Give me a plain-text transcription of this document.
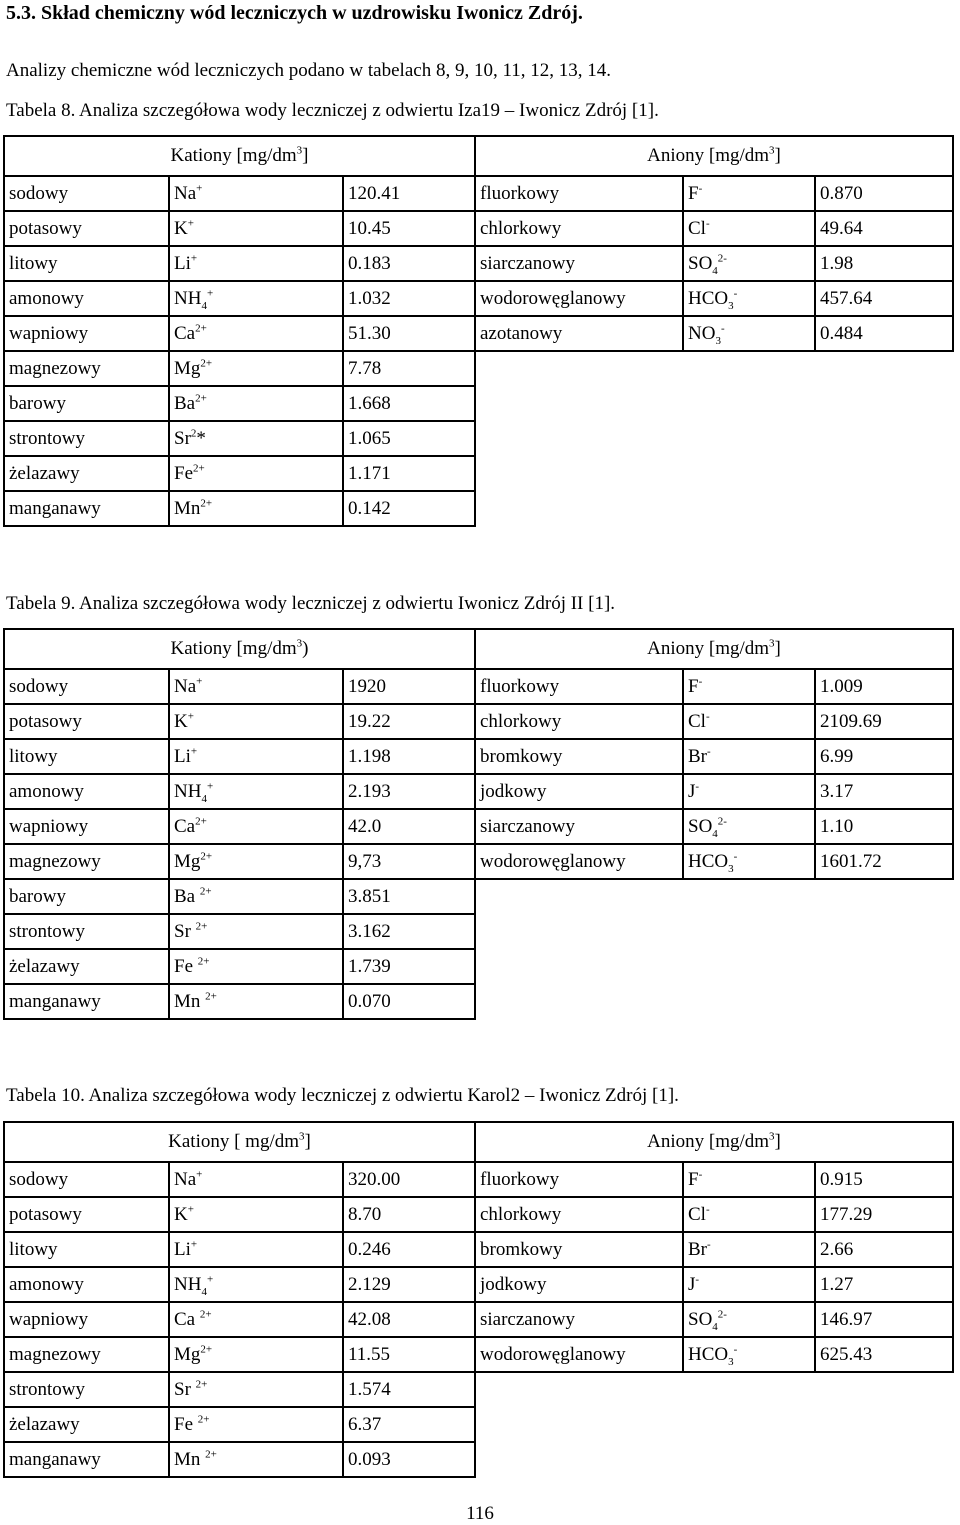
5.3. Skład chemiczny wód leczniczych w uzdrowisku Iwonicz Zdrój.
Analizy chemiczne wód leczniczych podano w tabelach 8, 9, 10, 11, 12, 13, 14.
Tabela 8. Analiza szczegółowa wody leczniczej z odwiertu Iza19 – Iwonicz Zdrój [1].
Kationy $[mg/dm^3]$			Aniony $[mg/dm^3]$		
sodowy	Na+	120.41	fluorkowy	F-	0.870
potasowy	K+	10.45	chlorkowy	Cl-	49.64
litowy	Li+	0.183	siarczanowy	$SO_4^{2-}$	1.98
amonowy	$NH_4^+$	1.032	wodorowęglanowy	$HCO_3^-$	457.64
wapniowy	$Ca^{2+}$	51.30	azotanowy	$NO_3^-$	0.484
magnezowy	$Mg^{2+}$	7.78			
barowy	$Ba^{2+}$	1.668			
strontowy	Sr$^2$*	1.065			
żelazawy	$Fe^{2+}$	1.171			
manganawy	$Mn^{2+}$	0.142			
Tabela 9. Analiza szczegółowa wody leczniczej z odwiertu Iwonicz Zdrój II [1].
Kationy $[mg/dm^3)$			Aniony $[mg/dm^3]$		
sodowy	Na+	1920	fluorkowy	F-	1.009
potasowy	K+	19.22	chlorkowy	Cl-	2109.69
litowy	Li+	1.198	bromkowy	Br-	6.99
amonowy	$NH_4^+$	2.193	jodkowy	J-	3.17
wapniowy	$Ca^{2+}$	42.0	siarczanowy	$SO_4^{2-}$	1.10
magnezowy	$Mg^{2+}$	9,73	wodorowęglanowy	$HCO_3^-$	1601.72
barowy	Ba $^{2+}$	3.851			
strontowy	Sr $^{2+}$	3.162			
żelazawy	Fe $^{2+}$	1.739			
manganawy	Mn $^{2+}$	0.070			
Tabela 10. Analiza szczegółowa wody leczniczej z odwiertu Karol2 – Iwonicz Zdrój [1].
Kationy [ $mg/dm^3$]			Aniony $[mg/dm^3]$		
sodowy	Na+	320.00	fluorkowy	F-	0.915
potasowy	K+	8.70	chlorkowy	Cl-	177.29
litowy	Li+	0.246	bromkowy	Br-	2.66
amonowy	$NH_4^+$	2.129	jodkowy	J-	1.27
wapniowy	Ca $^{2+}$	42.08	siarczanowy	$SO_4^{2-}$	146.97
magnezowy	$Mg^{2+}$	11.55	wodorowęglanowy	$HCO_3^-$	625.43
strontowy	Sr $^{2+}$	1.574			
żelazawy	Fe $^{2+}$	6.37			
manganawy	Mn $^{2+}$	0.093			
116
